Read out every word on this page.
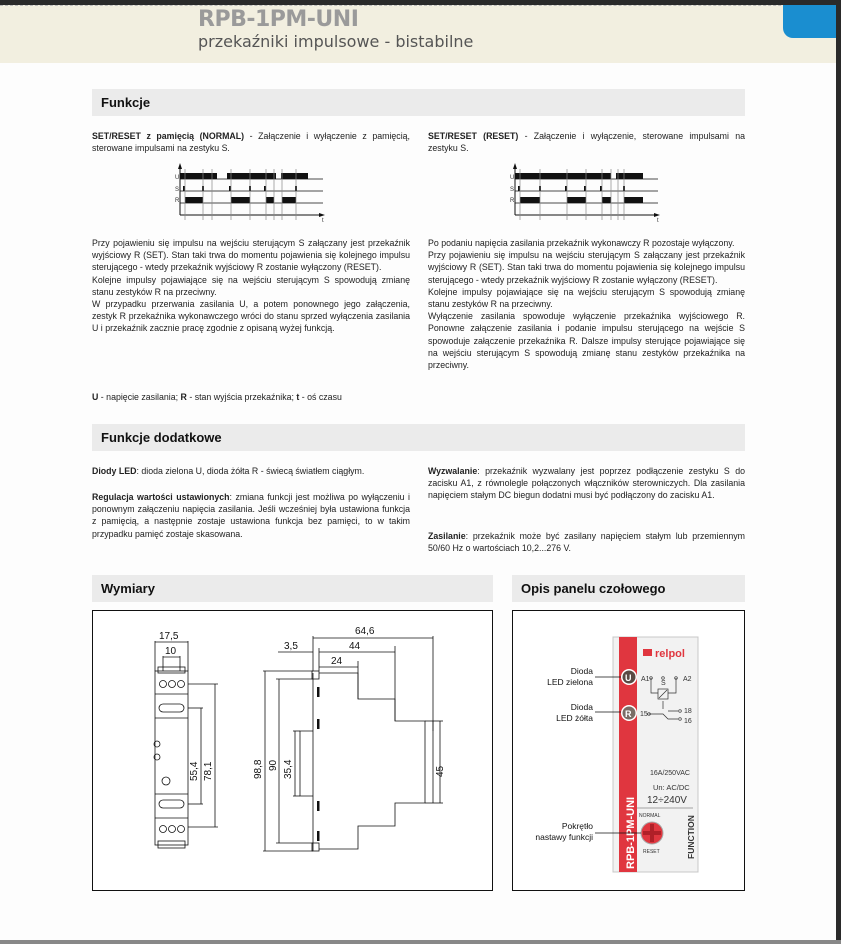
RPB-1PM-UNI
przekaźniki impulsowe - bistabilne
Funkcje
SET/RESET z pamięcią (NORMAL) - Załączenie i wyłączenie z pamięcią, sterowane impulsami na zestyku S.
t
U
S
R

Przy pojawieniu się impulsu na wejściu sterującym S załączany jest przekaźnik wyjściowy R (SET). Stan taki trwa do momentu pojawienia się kolejnego impulsu sterującego - wtedy przekaźnik wyjściowy R zostanie wyłączony (RESET).

Kolejne impulsy pojawiające się na wejściu sterującym S spowodują zmianę stanu zestyków R na przeciwny.

W przypadku przerwania zasilania U, a potem ponownego jego załączenia, zestyk R przekaźnika wykonawczego wróci do stanu sprzed wyłączenia zasilania U i przekaźnik zacznie pracę zgodnie z opisaną wyżej funkcją.

U - napięcie zasilania; R - stan wyjścia przekaźnika; t - oś czasu
SET/RESET (RESET) - Załączenie i wyłączenie, sterowane impulsami na zestyku S.
t
U
S
R

Po podaniu napięcia zasilania przekaźnik wykonawczy R pozostaje wyłączony.

Przy pojawieniu się impulsu na wejściu sterującym S załączany jest przekaźnik wyjściowy R (SET). Stan taki trwa do momentu pojawienia się kolejnego impulsu sterującego - wtedy przekaźnik wyjściowy R zostanie wyłączony (RESET).

Kolejne impulsy pojawiające się na wejściu sterującym S spowodują zmianę stanu zestyków R na przeciwny.

Wyłączenie zasilania spowoduje wyłączenie przekaźnika wyjściowego R. Ponowne załączenie zasilania i podanie impulsu sterującego na wejście S spowoduje załączenie przekaźnika R. Dalsze impulsy sterujące pojawiające się na wejściu sterującym S spowodują zmianę stanu zestyków przekaźnika na przeciwny.

Funkcje dodatkowe
Diody LED: dioda zielona U, dioda żółta R - świecą światłem ciągłym.
Regulacja wartości ustawionych: zmiana funkcji jest możliwa po wyłączeniu i ponownym załączeniu napięcia zasilania. Jeśli wcześniej była ustawiona funkcja z pamięcią, a następnie zostaje ustawiona funkcja bez pamięci, to w takim przypadku pamięć zostaje skasowana.
Wyzwalanie: przekaźnik wyzwalany jest poprzez podłączenie zestyku S do zacisku A1, z równolegle połączonych włączników sterowniczych. Dla zasilania napięciem stałym DC biegun dodatni musi być podłączony do zacisku A1.
Zasilanie: przekaźnik może być zasilany napięciem stałym lub przemiennym 50/60 Hz o wartościach 10,2...276 V.
Wymiary
17,5
10
64,6
3,5	44
24
55,4 78,1	98,8 90 35,4	45
Opis panelu czołowego
relpol
U
R
A1
S
A2
15	18
16
16A/250VAC
Un: AC/DC
12÷240V
NORMAL
RESET
RPB-1PM-UNI	FUNCTION
Dioda
LED zielona
Dioda
LED żółta
Pokrętło
nastawy funkcji
